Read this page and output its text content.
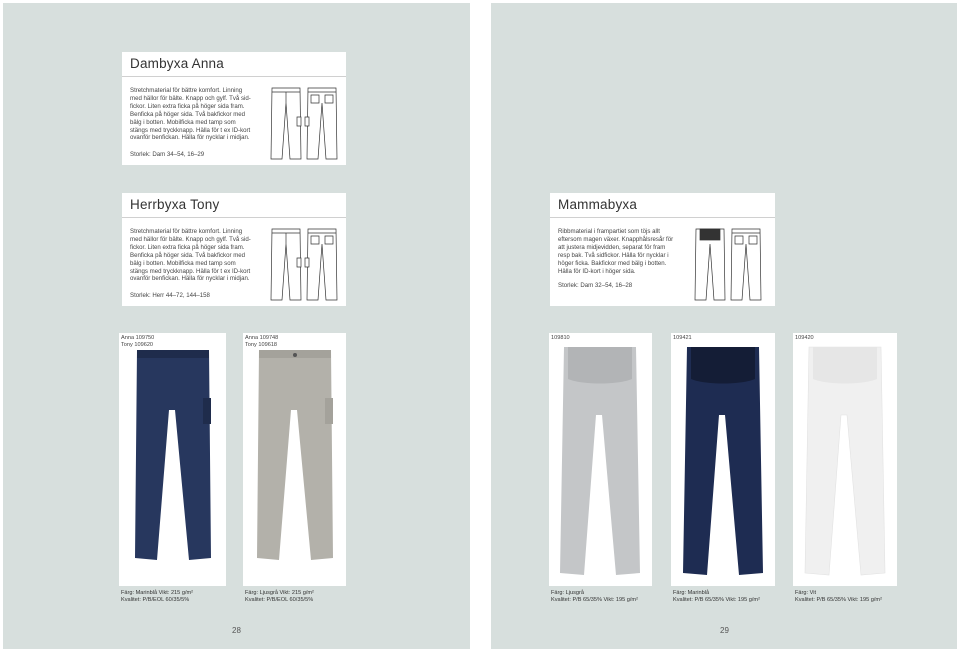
Dambyxa Anna
Stretchmaterial för bättre komfort. Linning
med hällor för bälte. Knapp och gylf. Två sid-
fickor. Liten extra ficka på höger sida fram.
Benficka på höger sida. Två bakfickor med
bälg i botten. Mobilficka med tamp som
stängs med tryckknapp. Hälla för t ex ID-kort
ovanför benfickan. Hälla för nycklar i midjan.
Storlek: Dam 34–54, 16–29
Herrbyxa Tony
Stretchmaterial för bättre komfort. Linning
med hällor för bälte. Knapp och gylf. Två sid-
fickor. Liten extra ficka på höger sida fram.
Benficka på höger sida. Två bakfickor med
bälg i botten. Mobilficka med tamp som
stängs med tryckknapp. Hälla för t ex ID-kort
ovanför benfickan. Hälla för nycklar i midjan.
Storlek: Herr 44–72, 144–158
Anna 109750
Tony 109620
Färg: Marinblå Vikt: 215 g/m²
Kvalitet: P/B/EOL 60/35/5%
Anna 109748
Tony 109618
Färg: Ljusgrå Vikt: 215 g/m²
Kvalitet: P/B/EOL 60/35/5%
28
Mammabyxa
Ribbmaterial i frampartiet som töjs allt
eftersom magen växer. Knapphålsresår för
att justera midjevidden, separat för fram
resp bak. Två sidfickor. Hälla för nycklar i
höger ficka. Bakfickor med bälg i botten.
Hälla för ID-kort i höger sida.
Storlek: Dam 32–54, 16–28
109810
Färg: Ljusgrå
Kvalitet: P/B 65/35% Vikt: 195 g/m²
109421
Färg: Marinblå
Kvalitet: P/B 65/35% Vikt: 195 g/m²
109420
Färg: Vit
Kvalitet: P/B 65/35% Vikt: 195 g/m²
29
